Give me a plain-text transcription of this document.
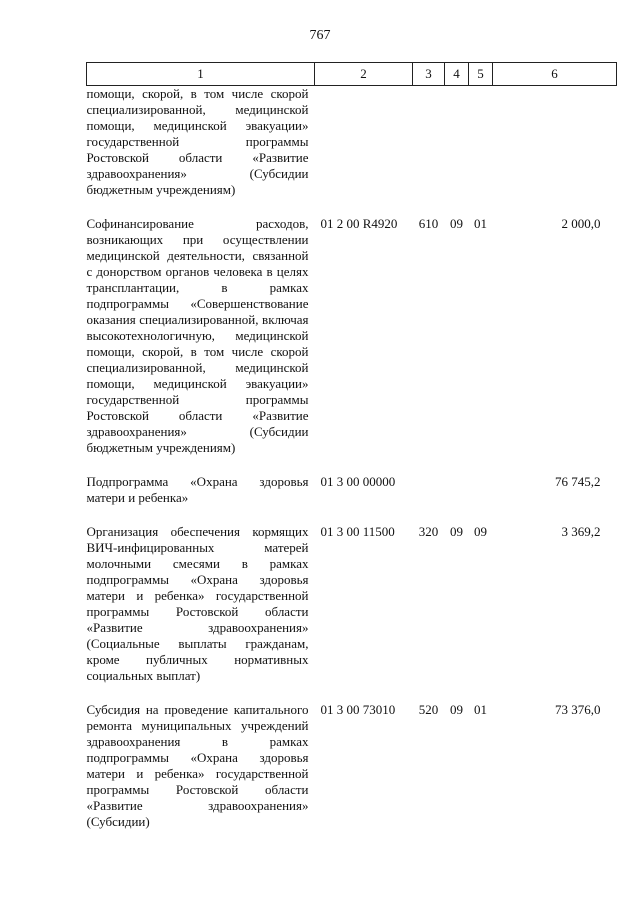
767
1	2	3	4	5	6
помощи, скорой, в том числе скорой специализированной, медицинской помощи, медицинской эвакуации» государственной программы Ростовской области «Развитие здравоохранения» (Субсидии бюджетным учреждениям)					
Софинансирование расходов, возникающих при осуществлении медицинской деятельности, связанной с донорством органов человека в целях трансплантации, в рамках подпрограммы «Совершенствование оказания специализированной, включая высокотехнологичную, медицинской помощи, скорой, в том числе скорой специализированной, медицинской помощи, медицинской эвакуации» государственной программы Ростовской области «Развитие здравоохранения» (Субсидии бюджетным учреждениям)	01 2 00 R4920	610	09	01	2 000,0
Подпрограмма «Охрана здоровья матери и ребенка»	01 3 00 00000				76 745,2
Организация обеспечения кормящих ВИЧ-инфицированных матерей молочными смесями в рамках подпрограммы «Охрана здоровья матери и ребенка» государственной программы Ростовской области «Развитие здравоохранения» (Социальные выплаты гражданам, кроме публичных нормативных социальных выплат)	01 3 00 11500	320	09	09	3 369,2
Субсидия на проведение капитального ремонта муниципальных учреждений здравоохранения в рамках подпрограммы «Охрана здоровья матери и ребенка» государственной программы Ростовской области «Развитие здравоохранения» (Субсидии)	01 3 00 73010	520	09	01	73 376,0
